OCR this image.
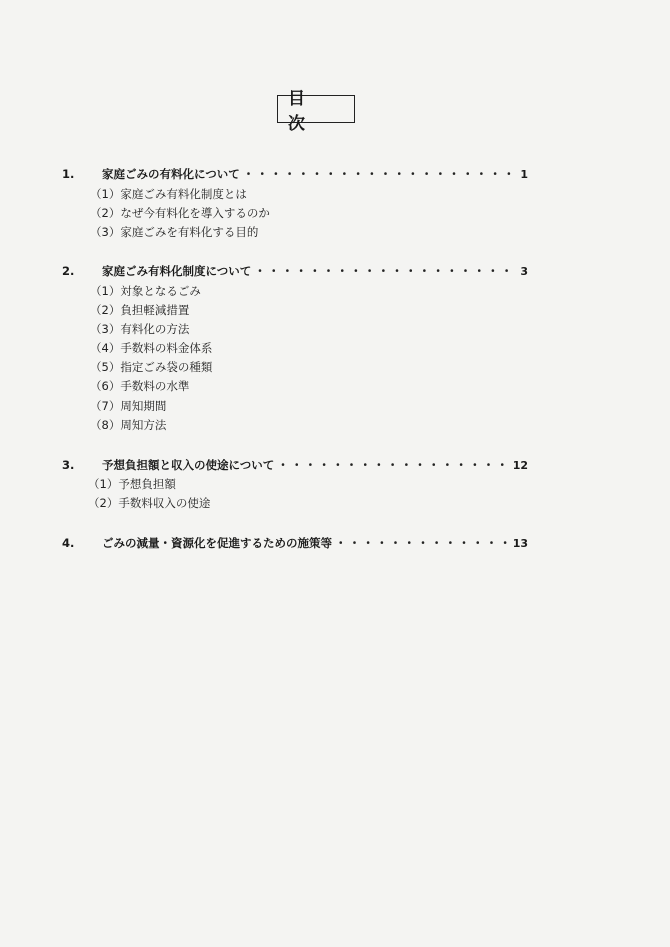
目　次
1.	家庭ごみの有料化について ・・・・・・・・・・・・・・・・・・・・・・・・・・・・・・・・・・・・	1
（1）家庭ごみ有料化制度とは
（2）なぜ今有料化を導入するのか
（3）家庭ごみを有料化する目的
2.	家庭ごみ有料化制度について ・・・・・・・・・・・・・・・・・・・・・・・・・・・・・・・・・・・・	3
（1）対象となるごみ
（2）負担軽減措置
（3）有料化の方法
（4）手数料の料金体系
（5）指定ごみ袋の種類
（6）手数料の水準
（7）周知期間
（8）周知方法
3.	予想負担額と収入の使途について ・・・・・・・・・・・・・・・・・・・・・・・・・・・・・・・・・・・・	12
（1）予想負担額
（2）手数料収入の使途
4.	ごみの減量・資源化を促進するための施策等 ・・・・・・・・・・・・・・・・・・・・・・・・・・・・・・・・・・・・	13
